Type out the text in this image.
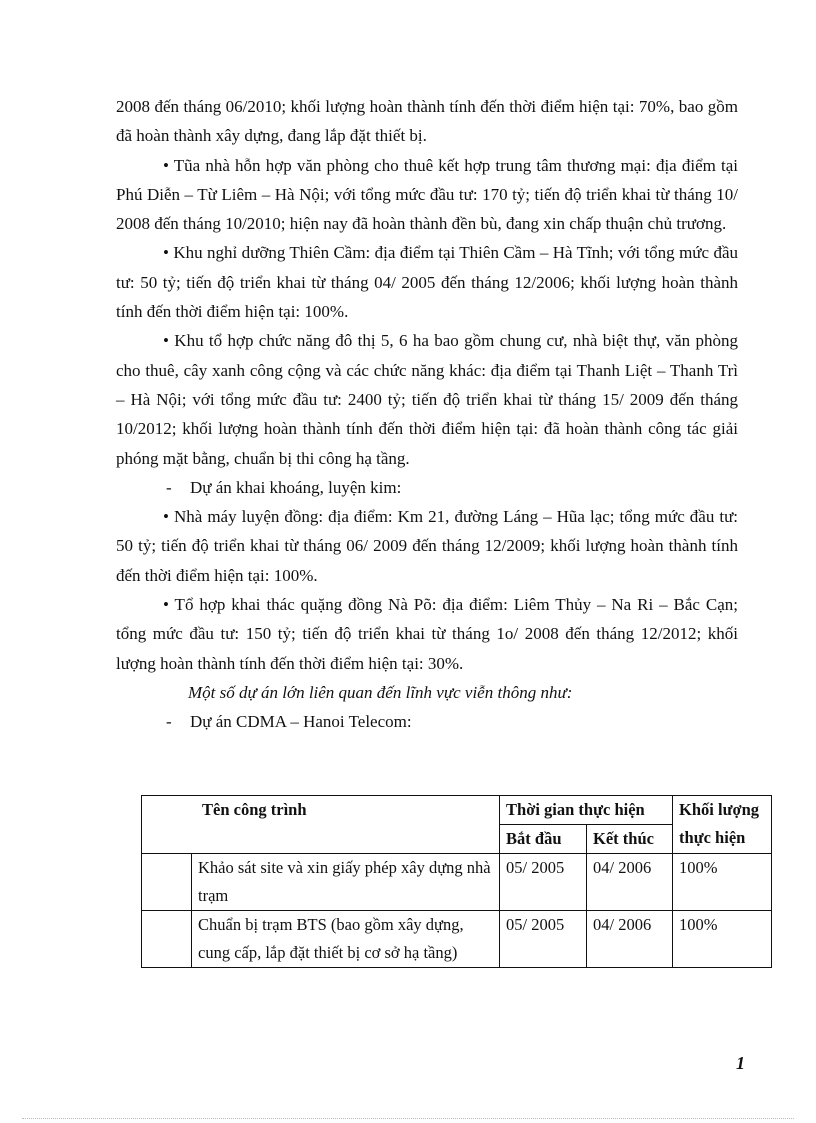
2008 đến tháng 06/2010; khối lượng hoàn thành tính đến thời điểm hiện tại: 70%, bao gồm đã hoàn thành xây dựng, đang lắp đặt thiết bị.

• Tũa nhà hỗn hợp văn phòng cho thuê kết hợp trung tâm thương mại: địa điểm tại Phú Diễn – Từ Liêm – Hà Nội; với tổng mức đầu tư: 170 tỷ; tiến độ triển khai từ tháng 10/ 2008 đến tháng 10/2010; hiện nay đã hoàn thành đền bù, đang xin chấp thuận chủ trương.

• Khu nghỉ dưỡng Thiên Cầm: địa điểm tại Thiên Cầm – Hà Tĩnh; với tổng mức đầu tư: 50 tỷ; tiến độ triển khai từ tháng 04/ 2005 đến tháng 12/2006; khối lượng hoàn thành tính đến thời điểm hiện tại: 100%.

• Khu tổ hợp chức năng đô thị 5, 6 ha bao gồm chung cư, nhà biệt thự, văn phòng cho thuê, cây xanh công cộng và các chức năng khác: địa điểm tại Thanh Liệt – Thanh Trì – Hà Nội; với tổng mức đầu tư: 2400 tỷ; tiến độ triển khai từ tháng 15/ 2009 đến tháng 10/2012; khối lượng hoàn thành tính đến thời điểm hiện tại: đã hoàn thành công tác giải phóng mặt bằng, chuẩn bị thi công hạ tầng.

- Dự án khai khoáng, luyện kim:

• Nhà máy luyện đồng: địa điểm: Km 21, đường Láng – Hũa lạc; tổng mức đầu tư: 50 tỷ; tiến độ triển khai từ tháng 06/ 2009 đến tháng 12/2009; khối lượng hoàn thành tính đến thời điểm hiện tại: 100%.

• Tổ hợp khai thác quặng đồng Nà Põ: địa điểm: Liêm Thủy – Na Ri – Bắc Cạn; tổng mức đầu tư: 150 tỷ; tiến độ triển khai từ tháng 1o/ 2008 đến tháng 12/2012; khối lượng hoàn thành tính đến thời điểm hiện tại: 30%.

Một số dự án lớn liên quan đến lĩnh vực viễn thông như:

- Dự án CDMA – Hanoi Telecom:

Tên công trình		Thời gian thực hiện		Khối lượng thực hiện
		Bắt đầu	Kết thúc	
	Khảo sát site và xin giấy phép xây dựng nhà trạm	05/ 2005	04/ 2006	100%
	Chuẩn bị trạm BTS (bao gồm xây dựng, cung cấp, lắp đặt thiết bị cơ sở hạ tầng)	05/ 2005	04/ 2006	100%
1
